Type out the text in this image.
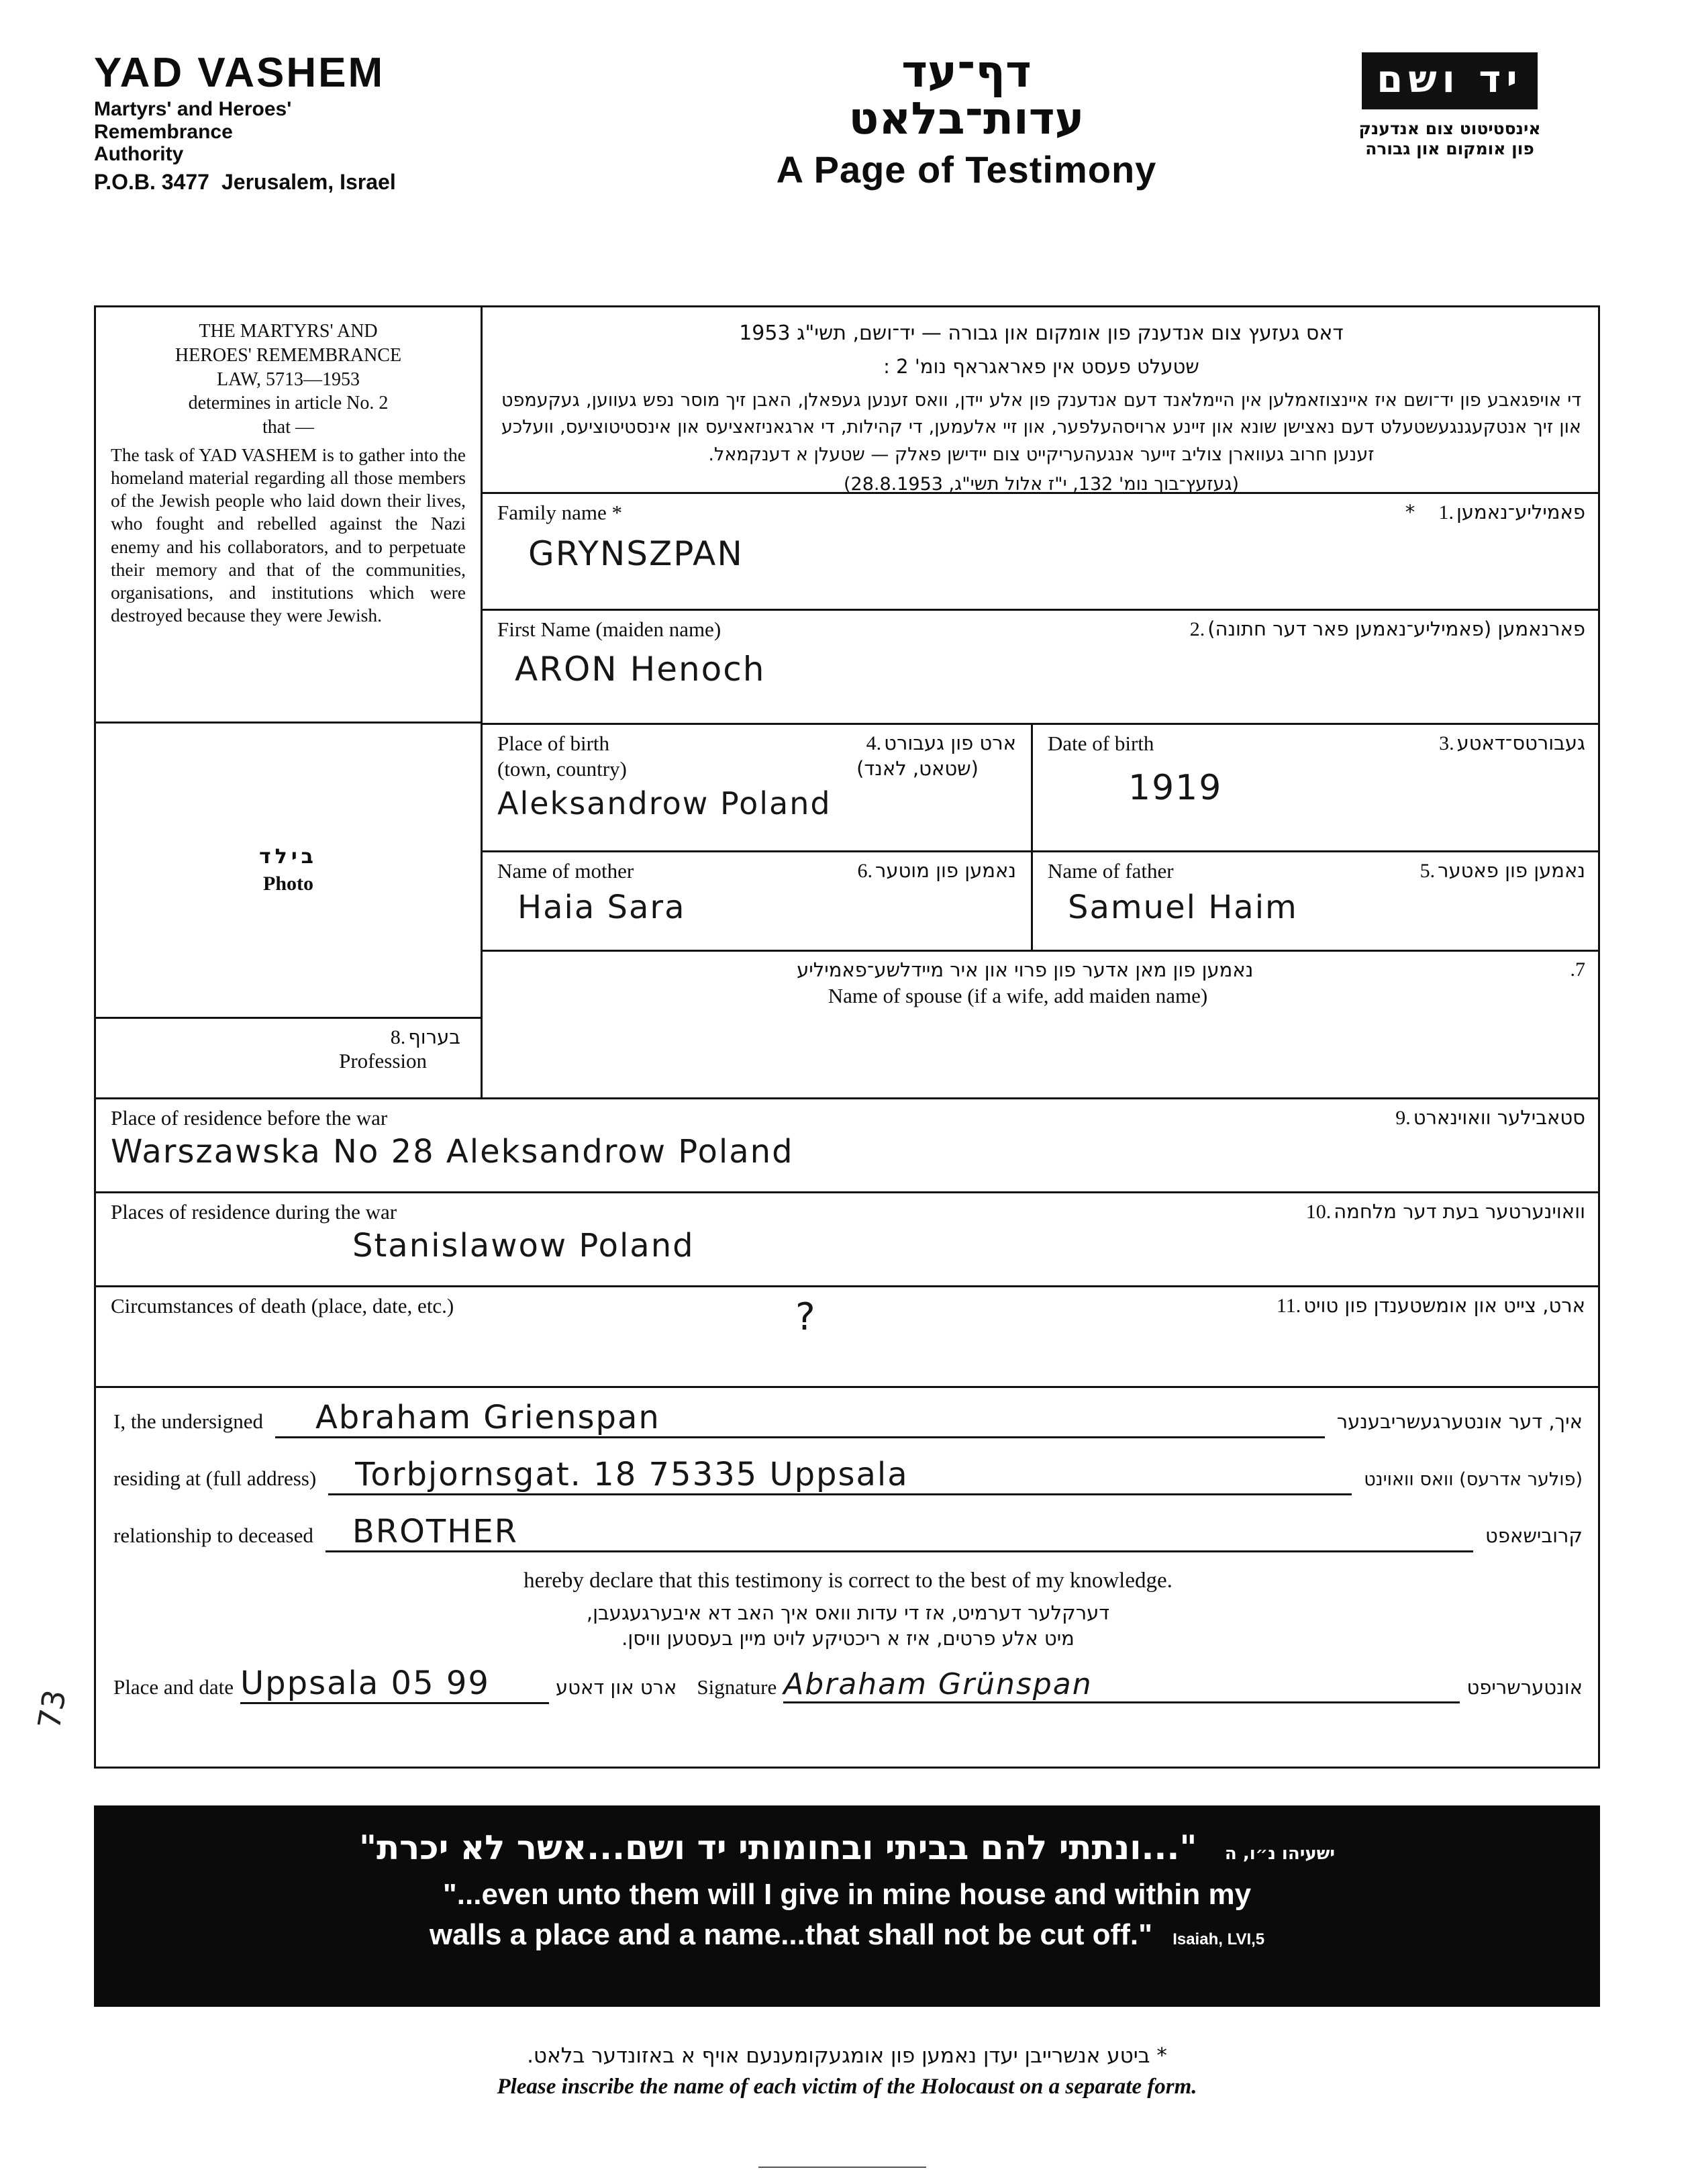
YAD VASHEM
Martyrs' and Heroes'
Remembrance
Authority
P.O.B. 3477 Jerusalem, Israel
דף־עד
עדות־בלאט
A Page of Testimony
יד ושם
אינסטיטוט צום אנדענק
פון אומקום און גבורה
THE MARTYRS' AND
HEROES' REMEMBRANCE
LAW, 5713—1953
determines in article No. 2
that —
The task of YAD VASHEM is to gather into the homeland material regarding all those members of the Jewish people who laid down their lives, who fought and rebelled against the Nazi enemy and his collaborators, and to perpetuate their memory and that of the communities, organisations, and institutions which were destroyed because they were Jewish.
בילד
Photo
דאס געזעץ צום אנדענק פון אומקום און גבורה — יד־ושם, תשי"ג 1953
שטעלט פעסט אין פאראגראף נומ' 2 :
די אויפגאבע פון יד־ושם איז איינצוזאמלען אין היימלאנד דעם אנדענק פון אלע יידן, וואס זענען געפאלן, האבן זיך מוסר נפש געווען, געקעמפט און זיך אנטקעגנגעשטעלט דעם נאצישן שונא און זיינע ארויסהעלפער, און זיי אלעמען, די קהילות, די ארגאניזאציעס און אינסטיטוציעס, וועלכע זענען חרוב געווארן צוליב זייער אנגעהעריקייט צום יידישן פאלק — שטעלן א דענקמאל.
(געזעץ־בוך נומ' 132, י"ז אלול תשי"ג, 28.8.1953)
Family name *	* פאמיליע־נאמען .1
GRYNSZPAN
First Name (maiden name)	פארנאמען (פאמיליע־נאמען פאר דער חתונה) .2
ARON Henoch
Place of birth	ארט פון געבורט .4
(town, country)	(שטאט, לאנד)
Aleksandrow Poland
Date of birth	געבורטס־דאטע .3
1919
Name of mother	נאמען פון מוטער .6
Haia Sara
Name of father	נאמען פון פאטער .5
Samuel Haim
בערוף .8
Profession
נאמען פון מאן אדער פון פרוי און איר מיידלשע־פאמיליע	.7
Name of spouse (if a wife, add maiden name)
Place of residence before the war	סטאבילער וואוינארט .9
Warszawska No 28 Aleksandrow Poland
Places of residence during the war	וואוינערטער בעת דער מלחמה .10
Stanislawow Poland
Circumstances of death (place, date, etc.)	ארט, צייט און אומשטענדן פון טויט .11
?
I, the undersigned	Abraham Grienspan	איך, דער אונטערגעשריבענער
residing at (full address)	Torbjornsgat. 18 75335 Uppsala	(פולער אדרעס) וואס וואוינט
relationship to deceased	BROTHER	קרובישאפט
hereby declare that this testimony is correct to the best of my knowledge.
דערקלער דערמיט, אז די עדות וואס איך האב דא איבערגעגעבן,
מיט אלע פרטים, איז א ריכטיקע לויט מיין בעסטען וויסן.
Place and date Uppsala 05 99	ארט און דאטע Signature Abraham Grünspan	אונטערשריפט
73
ישעיהו נ״ו, ה "...ונתתי להם בביתי ובחומותי יד ושם...אשר לא יכרת"
"...even unto them will I give in mine house and within my
walls a place and a name...that shall not be cut off." Isaiah, LVI,5
* ביטע אנשרייבן יעדן נאמען פון אומגעקומענעם אויף א באזונדער בלאט.
Please inscribe the name of each victim of the Holocaust on a separate form.
